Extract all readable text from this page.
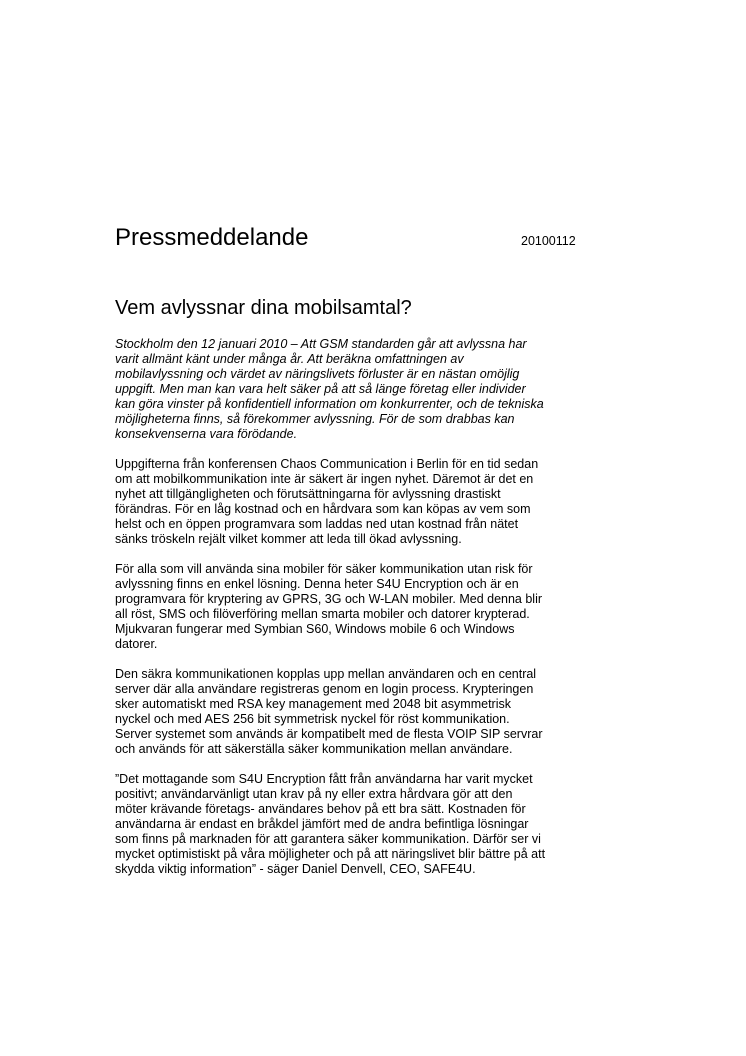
Pressmeddelande	20100112
Vem avlyssnar dina mobilsamtal?

Stockholm den 12 januari 2010 – Att GSM standarden går att avlyssna har
varit allmänt känt under många år. Att beräkna omfattningen av
mobilavlyssning och värdet av näringslivets förluster är en nästan omöjlig
uppgift. Men man kan vara helt säker på att så länge företag eller individer
kan göra vinster på konfidentiell information om konkurrenter, och de tekniska
möjligheterna finns, så förekommer avlyssning. För de som drabbas kan
konsekvenserna vara förödande.

Uppgifterna från konferensen Chaos Communication i Berlin för en tid sedan
om att mobilkommunikation inte är säkert är ingen nyhet. Däremot är det en
nyhet att tillgängligheten och förutsättningarna för avlyssning drastiskt
förändras. För en låg kostnad och en hårdvara som kan köpas av vem som
helst och en öppen programvara som laddas ned utan kostnad från nätet
sänks tröskeln rejält vilket kommer att leda till ökad avlyssning.

För alla som vill använda sina mobiler för säker kommunikation utan risk för
avlyssning finns en enkel lösning. Denna heter S4U Encryption och är en
programvara för kryptering av GPRS, 3G och W-LAN mobiler. Med denna blir
all röst, SMS och filöverföring mellan smarta mobiler och datorer krypterad.
Mjukvaran fungerar med Symbian S60, Windows mobile 6 och Windows
datorer.

Den säkra kommunikationen kopplas upp mellan användaren och en central
server där alla användare registreras genom en login process. Krypteringen
sker automatiskt med RSA key management med 2048 bit asymmetrisk
nyckel och med AES 256 bit symmetrisk nyckel för röst kommunikation.
Server systemet som används är kompatibelt med de flesta VOIP SIP servrar
och används för att säkerställa säker kommunikation mellan användare.

”Det mottagande som S4U Encryption fått från användarna har varit mycket
positivt; användarvänligt utan krav på ny eller extra hårdvara gör att den
möter krävande företags- användares behov på ett bra sätt. Kostnaden för
användarna är endast en bråkdel jämfört med de andra befintliga lösningar
som finns på marknaden för att garantera säker kommunikation. Därför ser vi
mycket optimistiskt på våra möjligheter och på att näringslivet blir bättre på att
skydda viktig information” - säger Daniel Denvell, CEO, SAFE4U.
